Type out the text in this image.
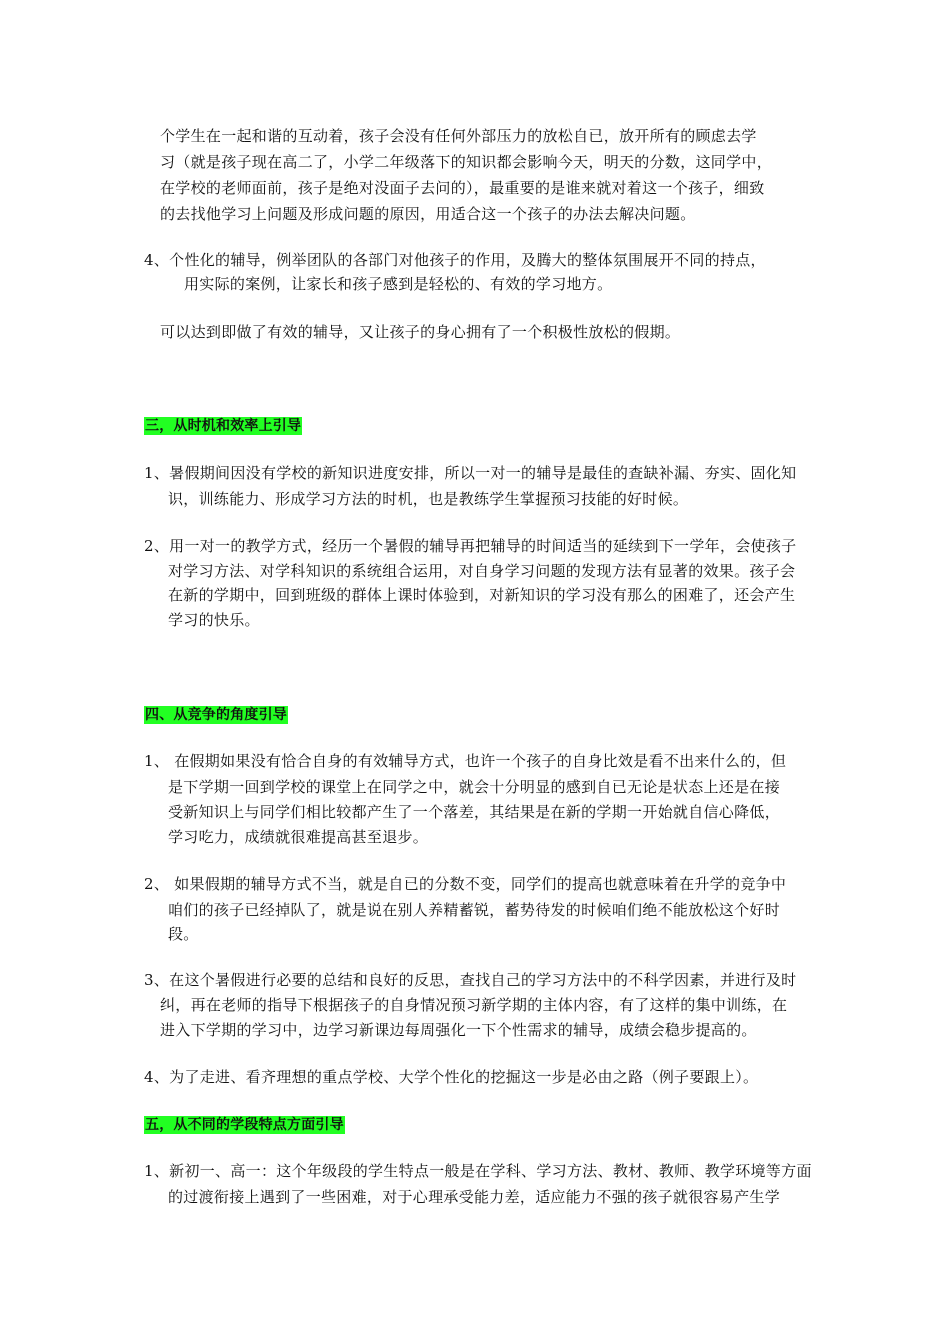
个学生在一起和谐的互动着，孩子会没有任何外部压力的放松自已，放开所有的顾虑去学
习（就是孩子现在高二了，小学二年级落下的知识都会影响今天，明天的分数，这同学中，
在学校的老师面前，孩子是绝对没面子去问的），最重要的是谁来就对着这一个孩子，细致
的去找他学习上问题及形成问题的原因，用适合这一个孩子的办法去解决问题。
4、个性化的辅导，例举团队的各部门对他孩子的作用，及腾大的整体氛围展开不同的持点，
用实际的案例，让家长和孩子感到是轻松的、有效的学习地方。
可以达到即做了有效的辅导，又让孩子的身心拥有了一个积极性放松的假期。
三，从时机和效率上引导
1、暑假期间因没有学校的新知识进度安排，所以一对一的辅导是最佳的查缺补漏、夯实、固化知
识，训练能力、形成学习方法的时机，也是教练学生掌握预习技能的好时候。
2、用一对一的教学方式，经历一个暑假的辅导再把辅导的时间适当的延续到下一学年，会使孩子
对学习方法、对学科知识的系统组合运用，对自身学习问题的发现方法有显著的效果。孩子会
在新的学期中，回到班级的群体上课时体验到，对新知识的学习没有那么的困难了，还会产生
学习的快乐。
四、从竞争的角度引导
1、 在假期如果没有恰合自身的有效辅导方式，也许一个孩子的自身比效是看不出来什么的，但
是下学期一回到学校的课堂上在同学之中，就会十分明显的感到自已无论是状态上还是在接
受新知识上与同学们相比较都产生了一个落差，其结果是在新的学期一开始就自信心降低，
学习吃力，成绩就很难提高甚至退步。
2、 如果假期的辅导方式不当，就是自已的分数不变，同学们的提高也就意味着在升学的竞争中
咱们的孩子已经掉队了，就是说在别人养精蓄锐，蓄势待发的时候咱们绝不能放松这个好时
段。
3、在这个暑假进行必要的总结和良好的反思，查找自己的学习方法中的不科学因素，并进行及时
纠，再在老师的指导下根据孩子的自身情况预习新学期的主体内容，有了这样的集中训练，在
进入下学期的学习中，边学习新课边每周强化一下个性需求的辅导，成绩会稳步提高的。
4、为了走进、看齐理想的重点学校、大学个性化的挖掘这一步是必由之路（例子要跟上）。
五，从不同的学段特点方面引导
1、新初一、高一：这个年级段的学生特点一般是在学科、学习方法、教材、教师、教学环境等方面
的过渡衔接上遇到了一些困难，对于心理承受能力差，适应能力不强的孩子就很容易产生学
